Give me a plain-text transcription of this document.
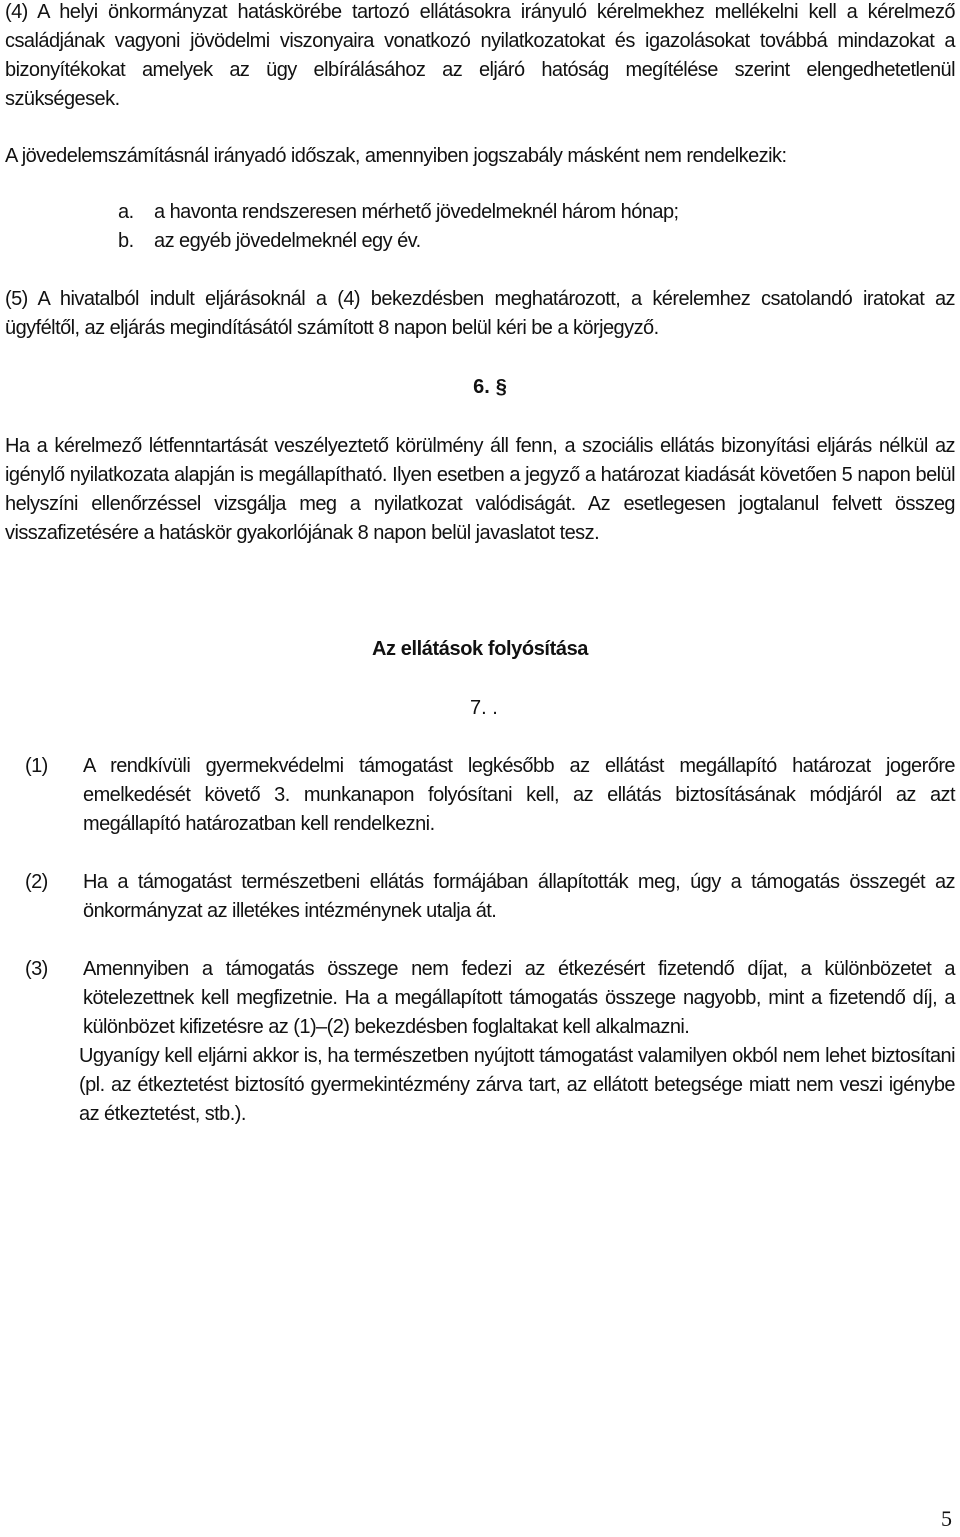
(4) A helyi önkormányzat hatáskörébe tartozó ellátásokra irányuló kérelmekhez mellékelni kell a kérelmező családjának vagyoni jövödelmi viszonyaira vonatkozó nyilatkozatokat és igazolásokat továbbá mindazokat a bizonyítékokat amelyek az ügy elbírálásához az eljáró hatóság megítélése szerint elengedhetetlenül szükségesek.

A jövedelemszámításnál irányadó időszak, amennyiben jogszabály másként nem rendelkezik:

a. a havonta rendszeresen mérhető jövedelmeknél három hónap;
b. az egyéb jövedelmeknél egy év.

(5) A hivatalból indult eljárásoknál a (4) bekezdésben meghatározott, a kérelemhez csatolandó iratokat az ügyféltől, az eljárás megindításától számított 8 napon belül kéri be a körjegyző.

6. §

Ha a kérelmező létfenntartását veszélyeztető körülmény áll fenn, a szociális ellátás bizonyítási eljárás nélkül az igénylő nyilatkozata alapján is megállapítható. Ilyen esetben a jegyző a határozat kiadását követően 5 napon belül helyszíni ellenőrzéssel vizsgálja meg a nyilatkozat valódiságát. Az esetlegesen jogtalanul felvett összeg visszafizetésére a hatáskör gyakorlójának 8 napon belül javaslatot tesz.

Az ellátások folyósítása
7. .
(1)	A rendkívüli gyermekvédelmi támogatást legkésőbb az ellátást megállapító határozat jogerőre emelkedését követő 3. munkanapon folyósítani kell, az ellátás biztosításának módjáról az azt megállapító határozatban kell rendelkezni.
(2)	Ha a támogatást természetbeni ellátás formájában állapították meg, úgy a támogatás összegét az önkormányzat az illetékes intézménynek utalja át.
(3)	Amennyiben a támogatás összege nem fedezi az étkezésért fizetendő díjat, a különbözetet a kötelezettnek kell megfizetnie. Ha a megállapított támogatás összege nagyobb, mint a fizetendő díj, a különbözet kifizetésre az (1)–(2) bekezdésben foglaltakat kell alkalmazni.
Ugyanígy kell eljárni akkor is, ha természetben nyújtott támogatást valamilyen okból nem lehet biztosítani (pl. az étkeztetést biztosító gyermekintézmény zárva tart, az ellátott betegsége miatt nem veszi igénybe az étkeztetést, stb.).
5
